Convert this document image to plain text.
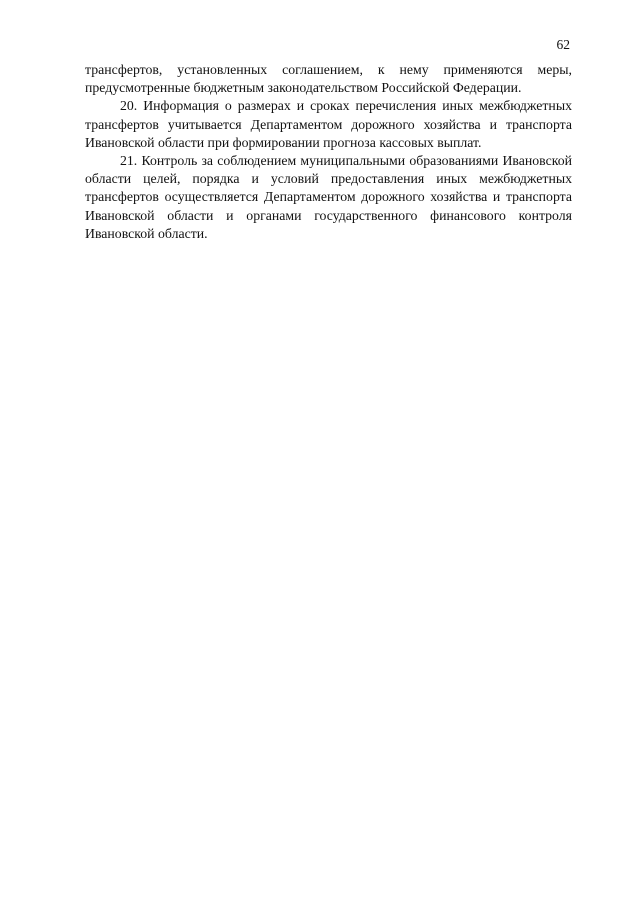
62

трансфертов, установленных соглашением, к нему применяются меры, предусмотренные бюджетным законодательством Российской Федерации.

20. Информация о размерах и сроках перечисления иных межбюджетных трансфертов учитывается Департаментом дорожного хозяйства и транспорта Ивановской области при формировании прогноза кассовых выплат.

21. Контроль за соблюдением муниципальными образованиями Ивановской области целей, порядка и условий предоставления иных межбюджетных трансфертов осуществляется Департаментом дорожного хозяйства и транспорта Ивановской области и органами государственного финансового контроля Ивановской области.
